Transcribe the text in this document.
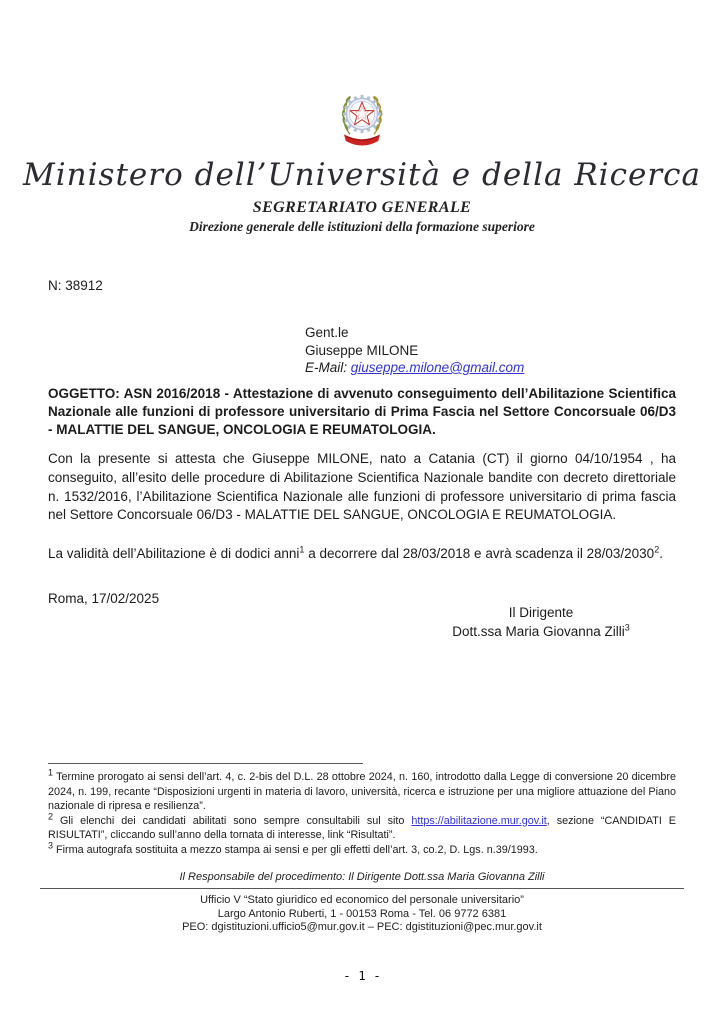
Ministero dell’Università e della Ricerca
SEGRETARIATO GENERALE
Direzione generale delle istituzioni della formazione superiore
N: 38912
Gent.le
Giuseppe MILONE
E-Mail: giuseppe.milone@gmail.com
OGGETTO: ASN 2016/2018 - Attestazione di avvenuto conseguimento dell’Abilitazione Scientifica Nazionale alle funzioni di professore universitario di Prima Fascia nel Settore Concorsuale 06/D3 - MALATTIE DEL SANGUE, ONCOLOGIA E REUMATOLOGIA.
Con la presente si attesta che Giuseppe MILONE, nato a Catania (CT) il giorno 04/10/1954 , ha conseguito, all’esito delle procedure di Abilitazione Scientifica Nazionale bandite con decreto direttoriale n. 1532/2016, l’Abilitazione Scientifica Nazionale alle funzioni di professore universitario di prima fascia nel Settore Concorsuale 06/D3 - MALATTIE DEL SANGUE, ONCOLOGIA E REUMATOLOGIA.
La validità dell’Abilitazione è di dodici anni$^1$ a decorrere dal 28/03/2018 e avrà scadenza il 28/03/2030$^2$.
Roma, 17/02/2025
Il Dirigente
Dott.ssa Maria Giovanna Zilli$^3$

$^1$ Termine prorogato ai sensi dell’art. 4, c. 2-bis del D.L. 28 ottobre 2024, n. 160, introdotto dalla Legge di conversione 20 dicembre 2024, n. 199, recante “Disposizioni urgenti in materia di lavoro, università, ricerca e istruzione per una migliore attuazione del Piano nazionale di ripresa e resilienza”.

$^2$ Gli elenchi dei candidati abilitati sono sempre consultabili sul sito https://abilitazione.mur.gov.it, sezione “CANDIDATI E RISULTATI”, cliccando sull’anno della tornata di interesse, link “Risultati”.

$^3$ Firma autografa sostituita a mezzo stampa ai sensi e per gli effetti dell’art. 3, co.2, D. Lgs. n.39/1993.

Il Responsabile del procedimento: Il Dirigente Dott.ssa Maria Giovanna Zilli
Ufficio V “Stato giuridico ed economico del personale universitario”
Largo Antonio Ruberti, 1 - 00153 Roma - Tel. 06 9772 6381
PEO: dgistituzioni.ufficio5@mur.gov.it – PEC: dgistituzioni@pec.mur.gov.it
- 1 -
